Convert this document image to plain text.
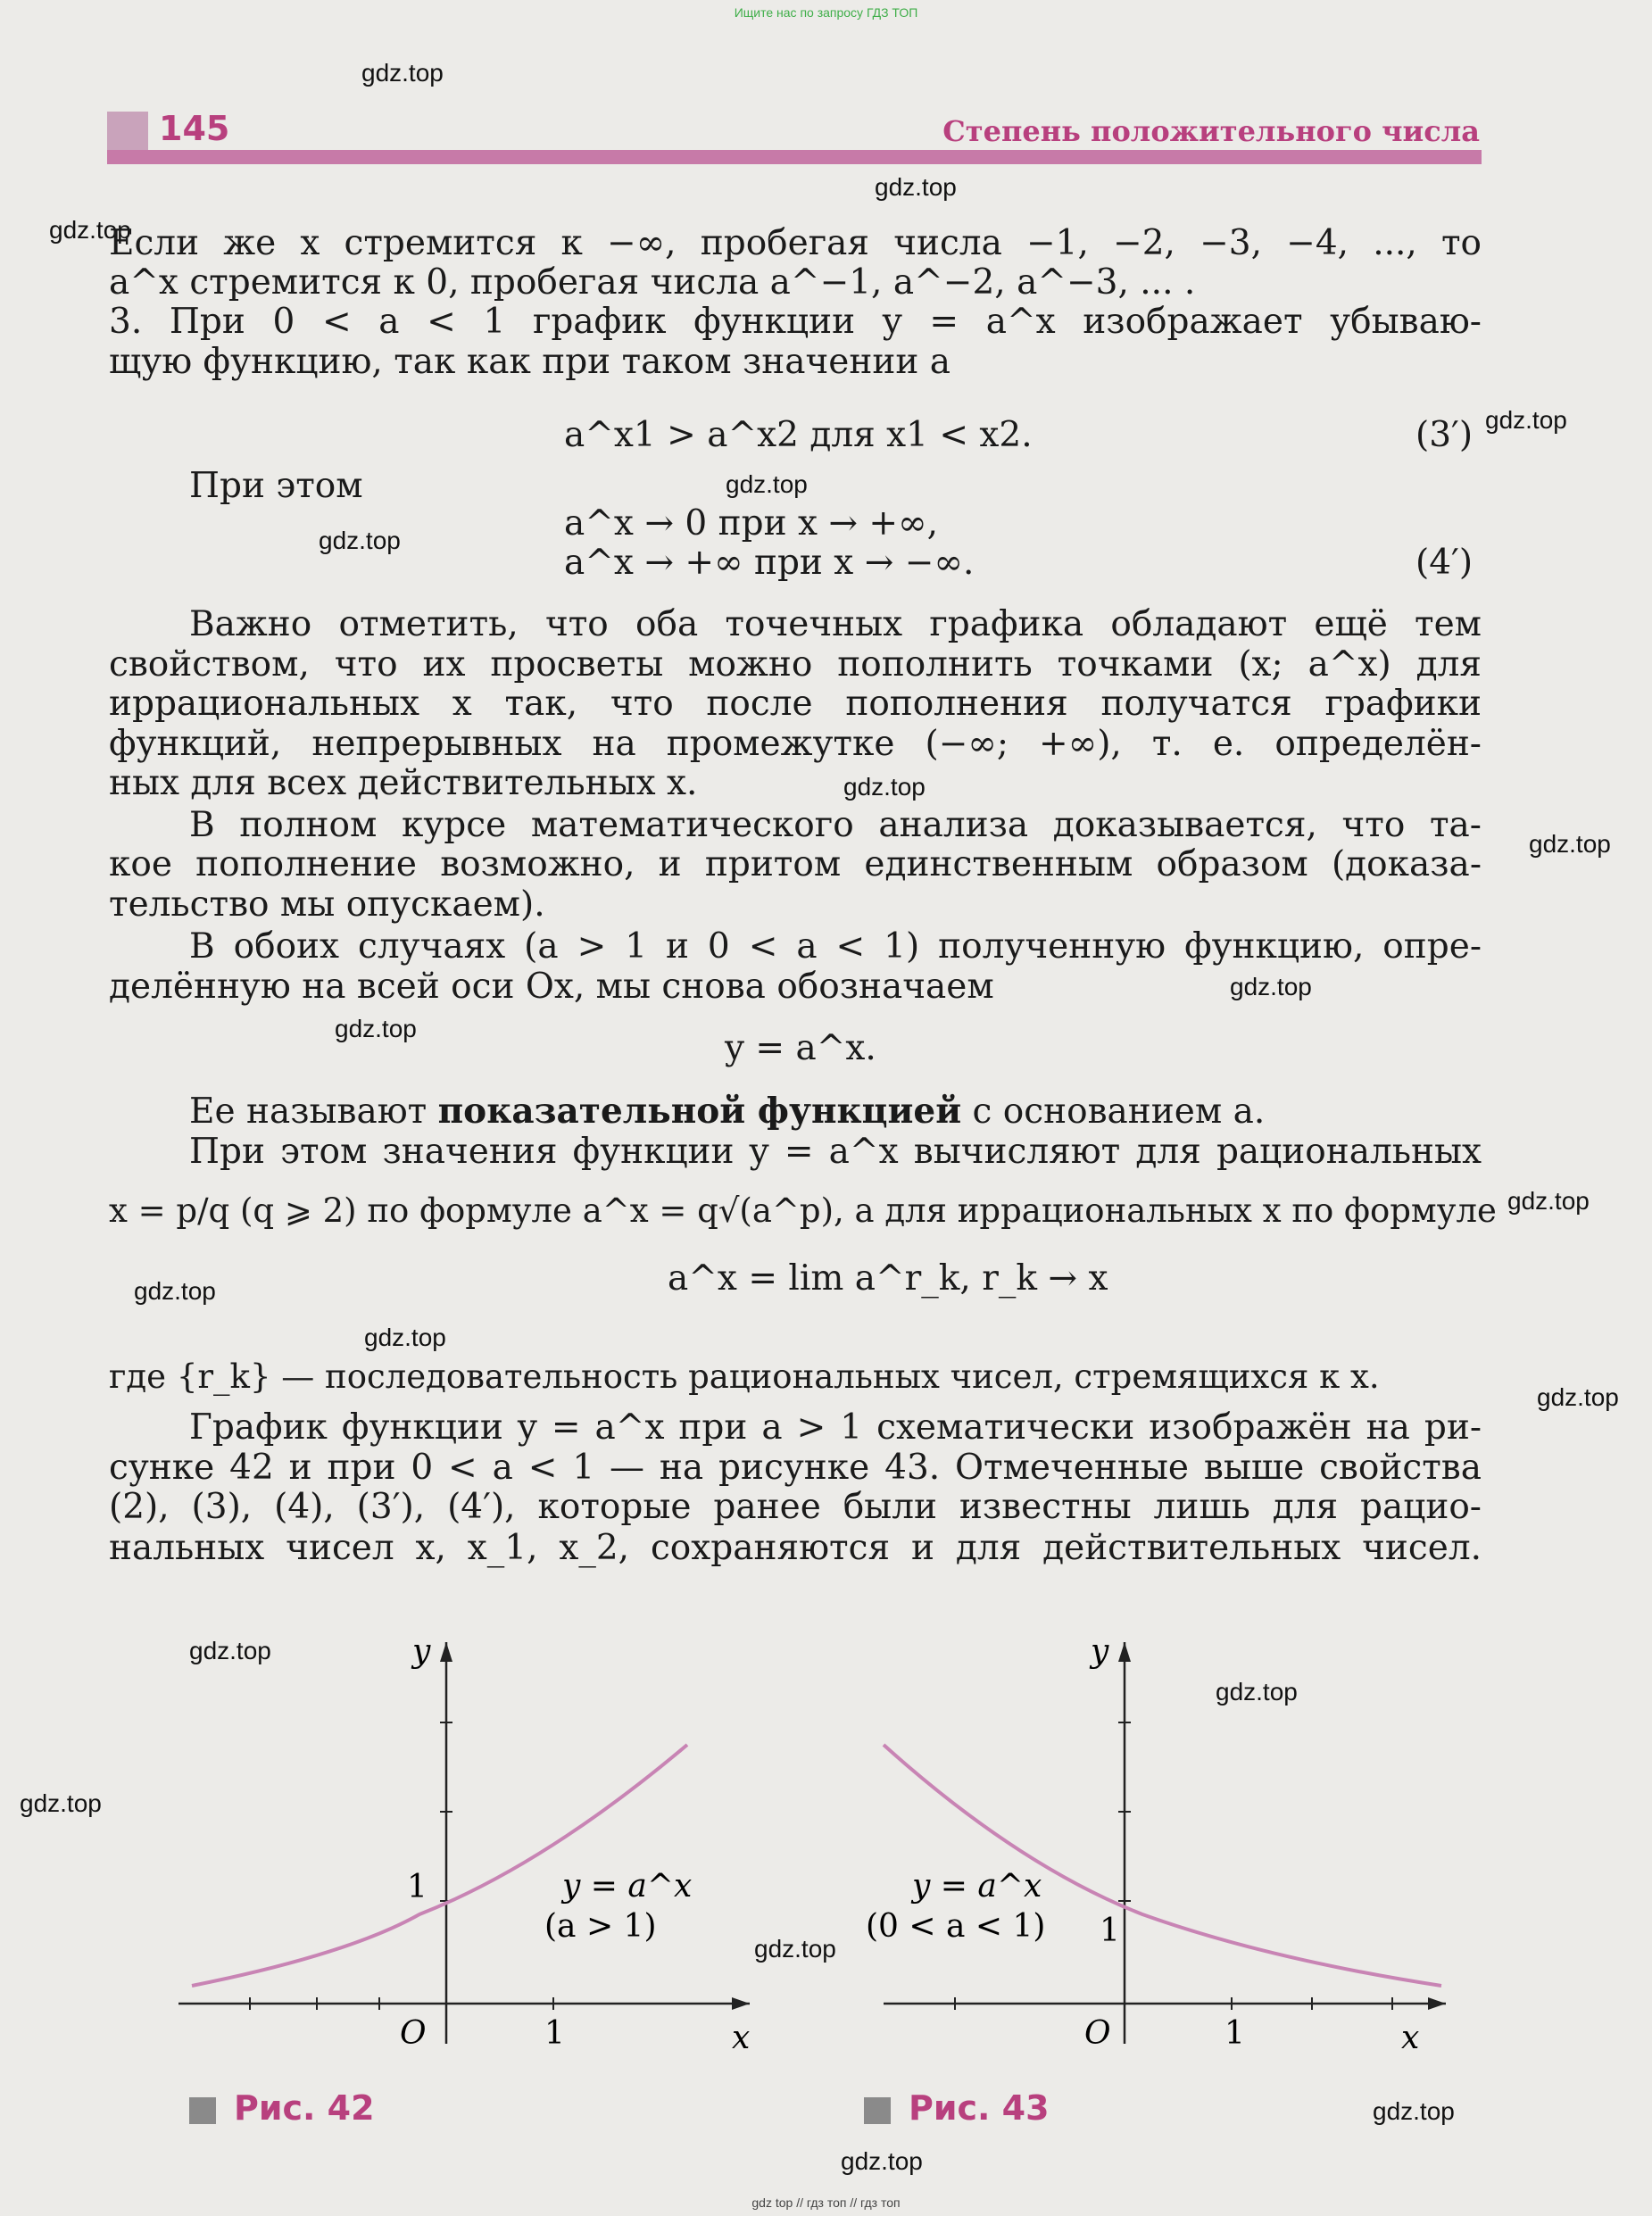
Ищите нас по запросу ГДЗ ТОП
145	Степень положительного числа
gdz.top
gdz.top
gdz.top
gdz.top
gdz.top
gdz.top
gdz.top
gdz.top
gdz.top
gdz.top
gdz.top
gdz.top
gdz.top
gdz.top
gdz.top
gdz.top
gdz.top
gdz.top
gdz.top
gdz.top
Если же x стремится к −∞, пробегая числа −1, −2, −3, −4, ..., то
a^x стремится к 0, пробегая числа a^−1, a^−2, a^−3, ... .
3. При 0 < a < 1 график функции y = a^x изображает убываю-
щую функцию, так как при таком значении a
a^x1 > a^x2 для x1 < x2.	(3′)
При этом
a^x → 0 при x → +∞,
a^x → +∞ при x → −∞.	(4′)
Важно отметить, что оба точечных графика обладают ещё тем
свойством, что их просветы можно пополнить точками (x; a^x) для
иррациональных x так, что после пополнения получатся графики
функций, непрерывных на промежутке (−∞; +∞), т. е. определён-
ных для всех действительных x.
В полном курсе математического анализа доказывается, что та-
кое пополнение возможно, и притом единственным образом (доказа-
тельство мы опускаем).
В обоих случаях (a > 1 и 0 < a < 1) полученную функцию, опре-
делённую на всей оси Ox, мы снова обозначаем
y = a^x.
Ее называют показательной функцией с основанием a.
При этом значения функции y = a^x вычисляют для рациональных
x = p/q (q ⩾ 2) по формуле a^x = q√(a^p), а для иррациональных x по формуле
a^x = lim a^r_k, r_k → x
где {r_k} — последовательность рациональных чисел, стремящихся к x.
График функции y = a^x при a > 1 схематически изображён на ри-
сунке 42 и при 0 < a < 1 — на рисунке 43. Отмеченные выше свойства
(2), (3), (4), (3′), (4′), которые ранее были известны лишь для рацио-
нальных чисел x, x_1, x_2, сохраняются и для действительных чисел.
1
O	1	x
y
y = a^x
(a > 1)
Рис. 42
1
O	1	x
y
y = a^x
(0 < a < 1)
Рис. 43
gdz top // гдз топ // гдз топ
